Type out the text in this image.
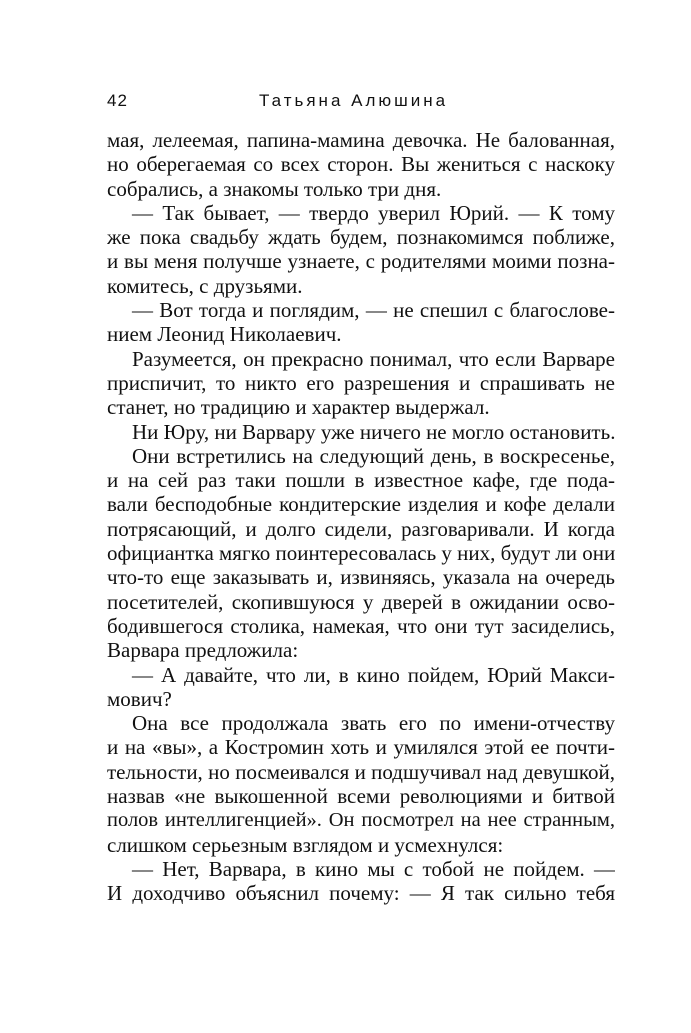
42	Татьяна Алюшина
мая, лелеемая, папина-мамина девочка. Не балованная,
но оберегаемая со всех сторон. Вы жениться с наскоку
собрались, а знакомы только три дня.
— Так бывает, — твердо уверил Юрий. — К тому
же пока свадьбу ждать будем, познакомимся поближе,
и вы меня получше узнаете, с родителями моими позна-
комитесь, с друзьями.
— Вот тогда и поглядим, — не спешил с благослове-
нием Леонид Николаевич.
Разумеется, он прекрасно понимал, что если Варваре
приспичит, то никто его разрешения и спрашивать не
станет, но традицию и характер выдержал.
Ни Юру, ни Варвару уже ничего не могло остановить.
Они встретились на следующий день, в воскресенье,
и на сей раз таки пошли в известное кафе, где пода-
вали бесподобные кондитерские изделия и кофе делали
потрясающий, и долго сидели, разговаривали. И когда
официантка мягко поинтересовалась у них, будут ли они
что-то еще заказывать и, извиняясь, указала на очередь
посетителей, скопившуюся у дверей в ожидании осво-
бодившегося столика, намекая, что они тут засиделись,
Варвара предложила:
— А давайте, что ли, в кино пойдем, Юрий Макси-
мович?
Она все продолжала звать его по имени-отчеству
и на «вы», а Костромин хоть и умилялся этой ее почти-
тельности, но посмеивался и подшучивал над девушкой,
назвав «не выкошенной всеми революциями и битвой
полов интеллигенцией». Он посмотрел на нее странным,
слишком серьезным взглядом и усмехнулся:
— Нет, Варвара, в кино мы с тобой не пойдем. —
И доходчиво объяснил почему: — Я так сильно тебя
